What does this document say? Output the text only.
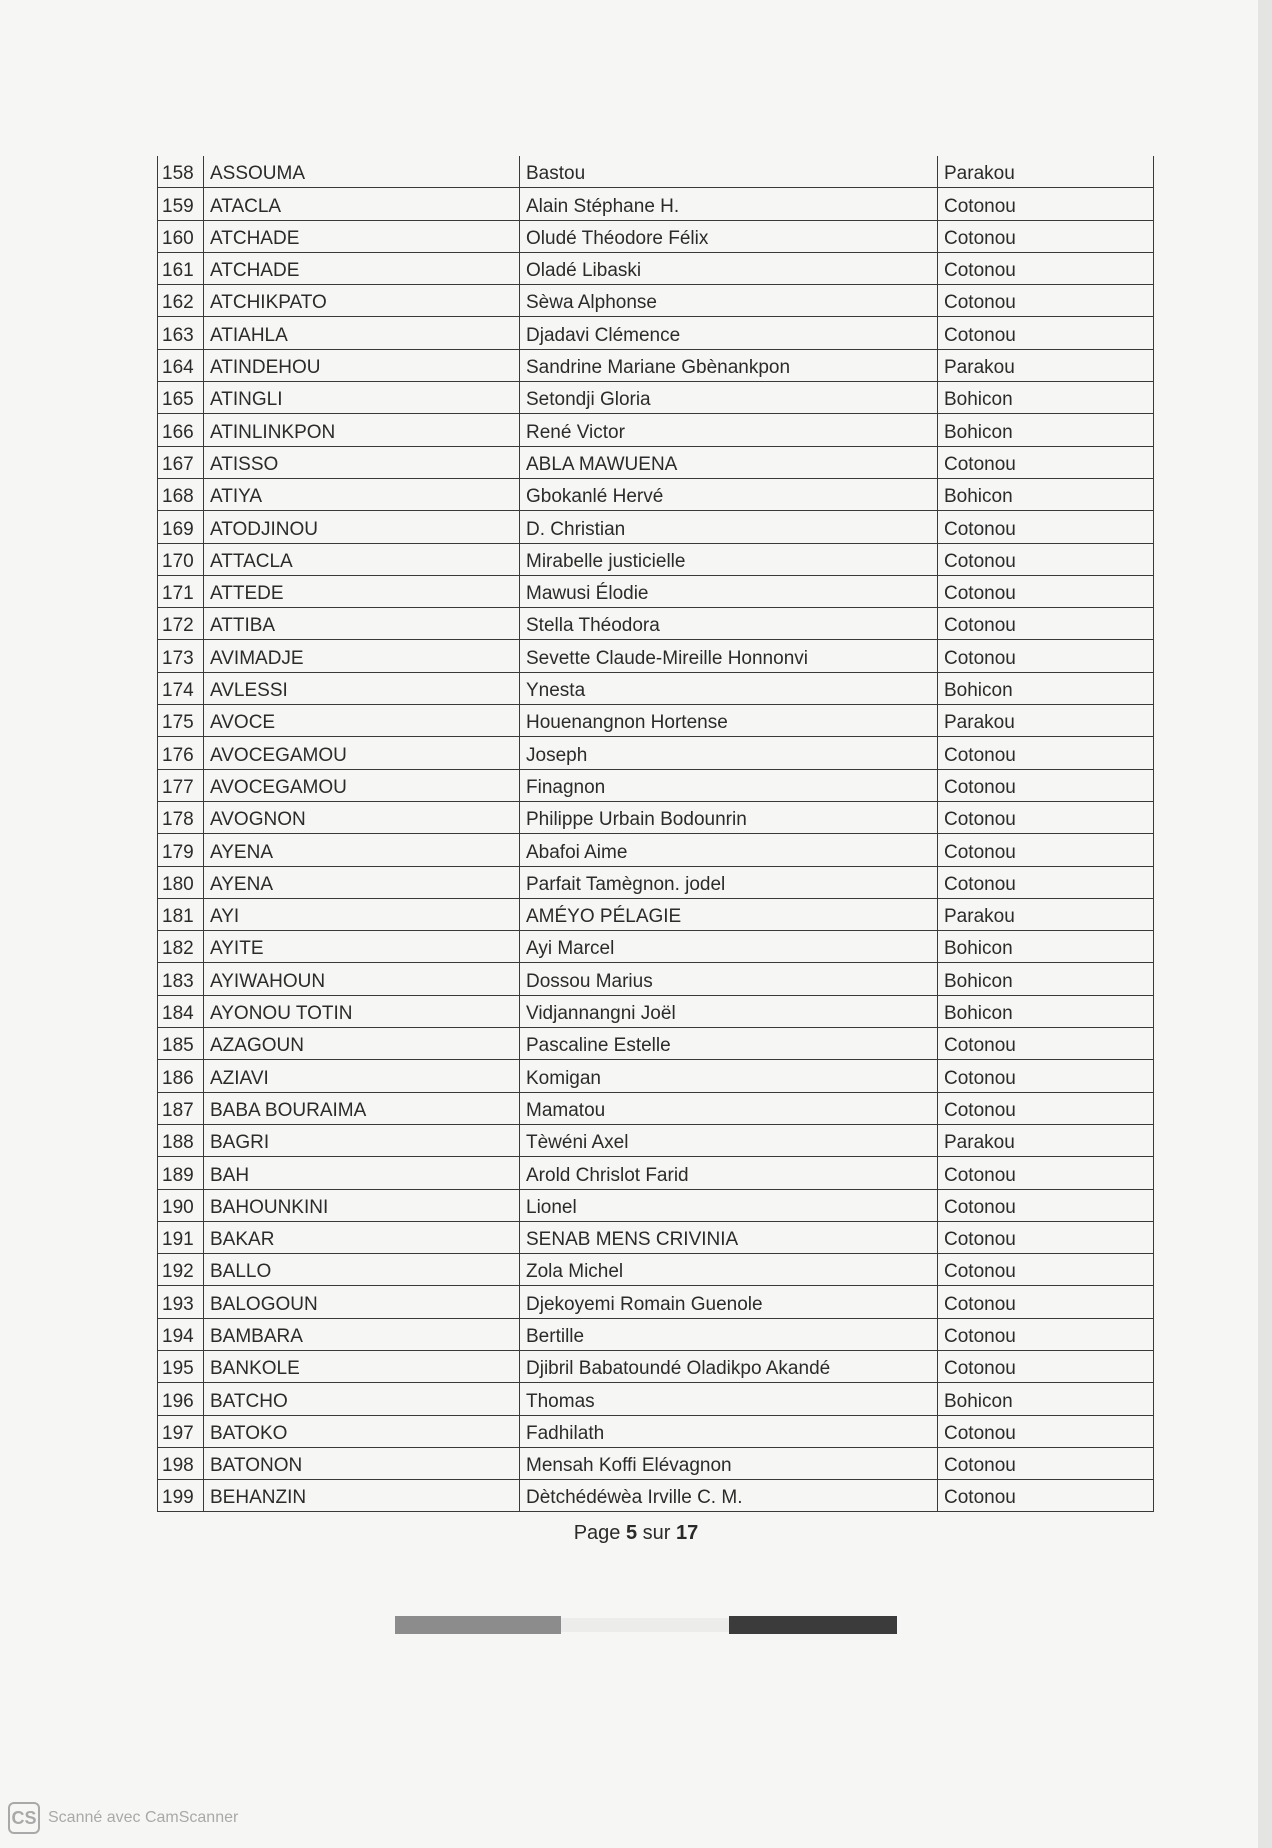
158	ASSOUMA	Bastou	Parakou
159	ATACLA	Alain Stéphane H.	Cotonou
160	ATCHADE	Oludé Théodore Félix	Cotonou
161	ATCHADE	Oladé Libaski	Cotonou
162	ATCHIKPATO	Sèwa Alphonse	Cotonou
163	ATIAHLA	Djadavi Clémence	Cotonou
164	ATINDEHOU	Sandrine Mariane Gbènankpon	Parakou
165	ATINGLI	Setondji Gloria	Bohicon
166	ATINLINKPON	René Victor	Bohicon
167	ATISSO	ABLA MAWUENA	Cotonou
168	ATIYA	Gbokanlé Hervé	Bohicon
169	ATODJINOU	D. Christian	Cotonou
170	ATTACLA	Mirabelle justicielle	Cotonou
171	ATTEDE	Mawusi Élodie	Cotonou
172	ATTIBA	Stella Théodora	Cotonou
173	AVIMADJE	Sevette Claude-Mireille Honnonvi	Cotonou
174	AVLESSI	Ynesta	Bohicon
175	AVOCE	Houenangnon Hortense	Parakou
176	AVOCEGAMOU	Joseph	Cotonou
177	AVOCEGAMOU	Finagnon	Cotonou
178	AVOGNON	Philippe Urbain Bodounrin	Cotonou
179	AYENA	Abafoi Aime	Cotonou
180	AYENA	Parfait Tamègnon. jodel	Cotonou
181	AYI	AMÉYO PÉLAGIE	Parakou
182	AYITE	Ayi Marcel	Bohicon
183	AYIWAHOUN	Dossou Marius	Bohicon
184	AYONOU TOTIN	Vidjannangni Joël	Bohicon
185	AZAGOUN	Pascaline Estelle	Cotonou
186	AZIAVI	Komigan	Cotonou
187	BABA BOURAIMA	Mamatou	Cotonou
188	BAGRI	Tèwéni Axel	Parakou
189	BAH	Arold Chrislot Farid	Cotonou
190	BAHOUNKINI	Lionel	Cotonou
191	BAKAR	SENAB MENS CRIVINIA	Cotonou
192	BALLO	Zola Michel	Cotonou
193	BALOGOUN	Djekoyemi Romain Guenole	Cotonou
194	BAMBARA	Bertille	Cotonou
195	BANKOLE	Djibril Babatoundé Oladikpo Akandé	Cotonou
196	BATCHO	Thomas	Bohicon
197	BATOKO	Fadhilath	Cotonou
198	BATONON	Mensah Koffi Elévagnon	Cotonou
199	BEHANZIN	Dètchédéwèa Irville C. M.	Cotonou
Page 5 sur 17
CS Scanné avec CamScanner
